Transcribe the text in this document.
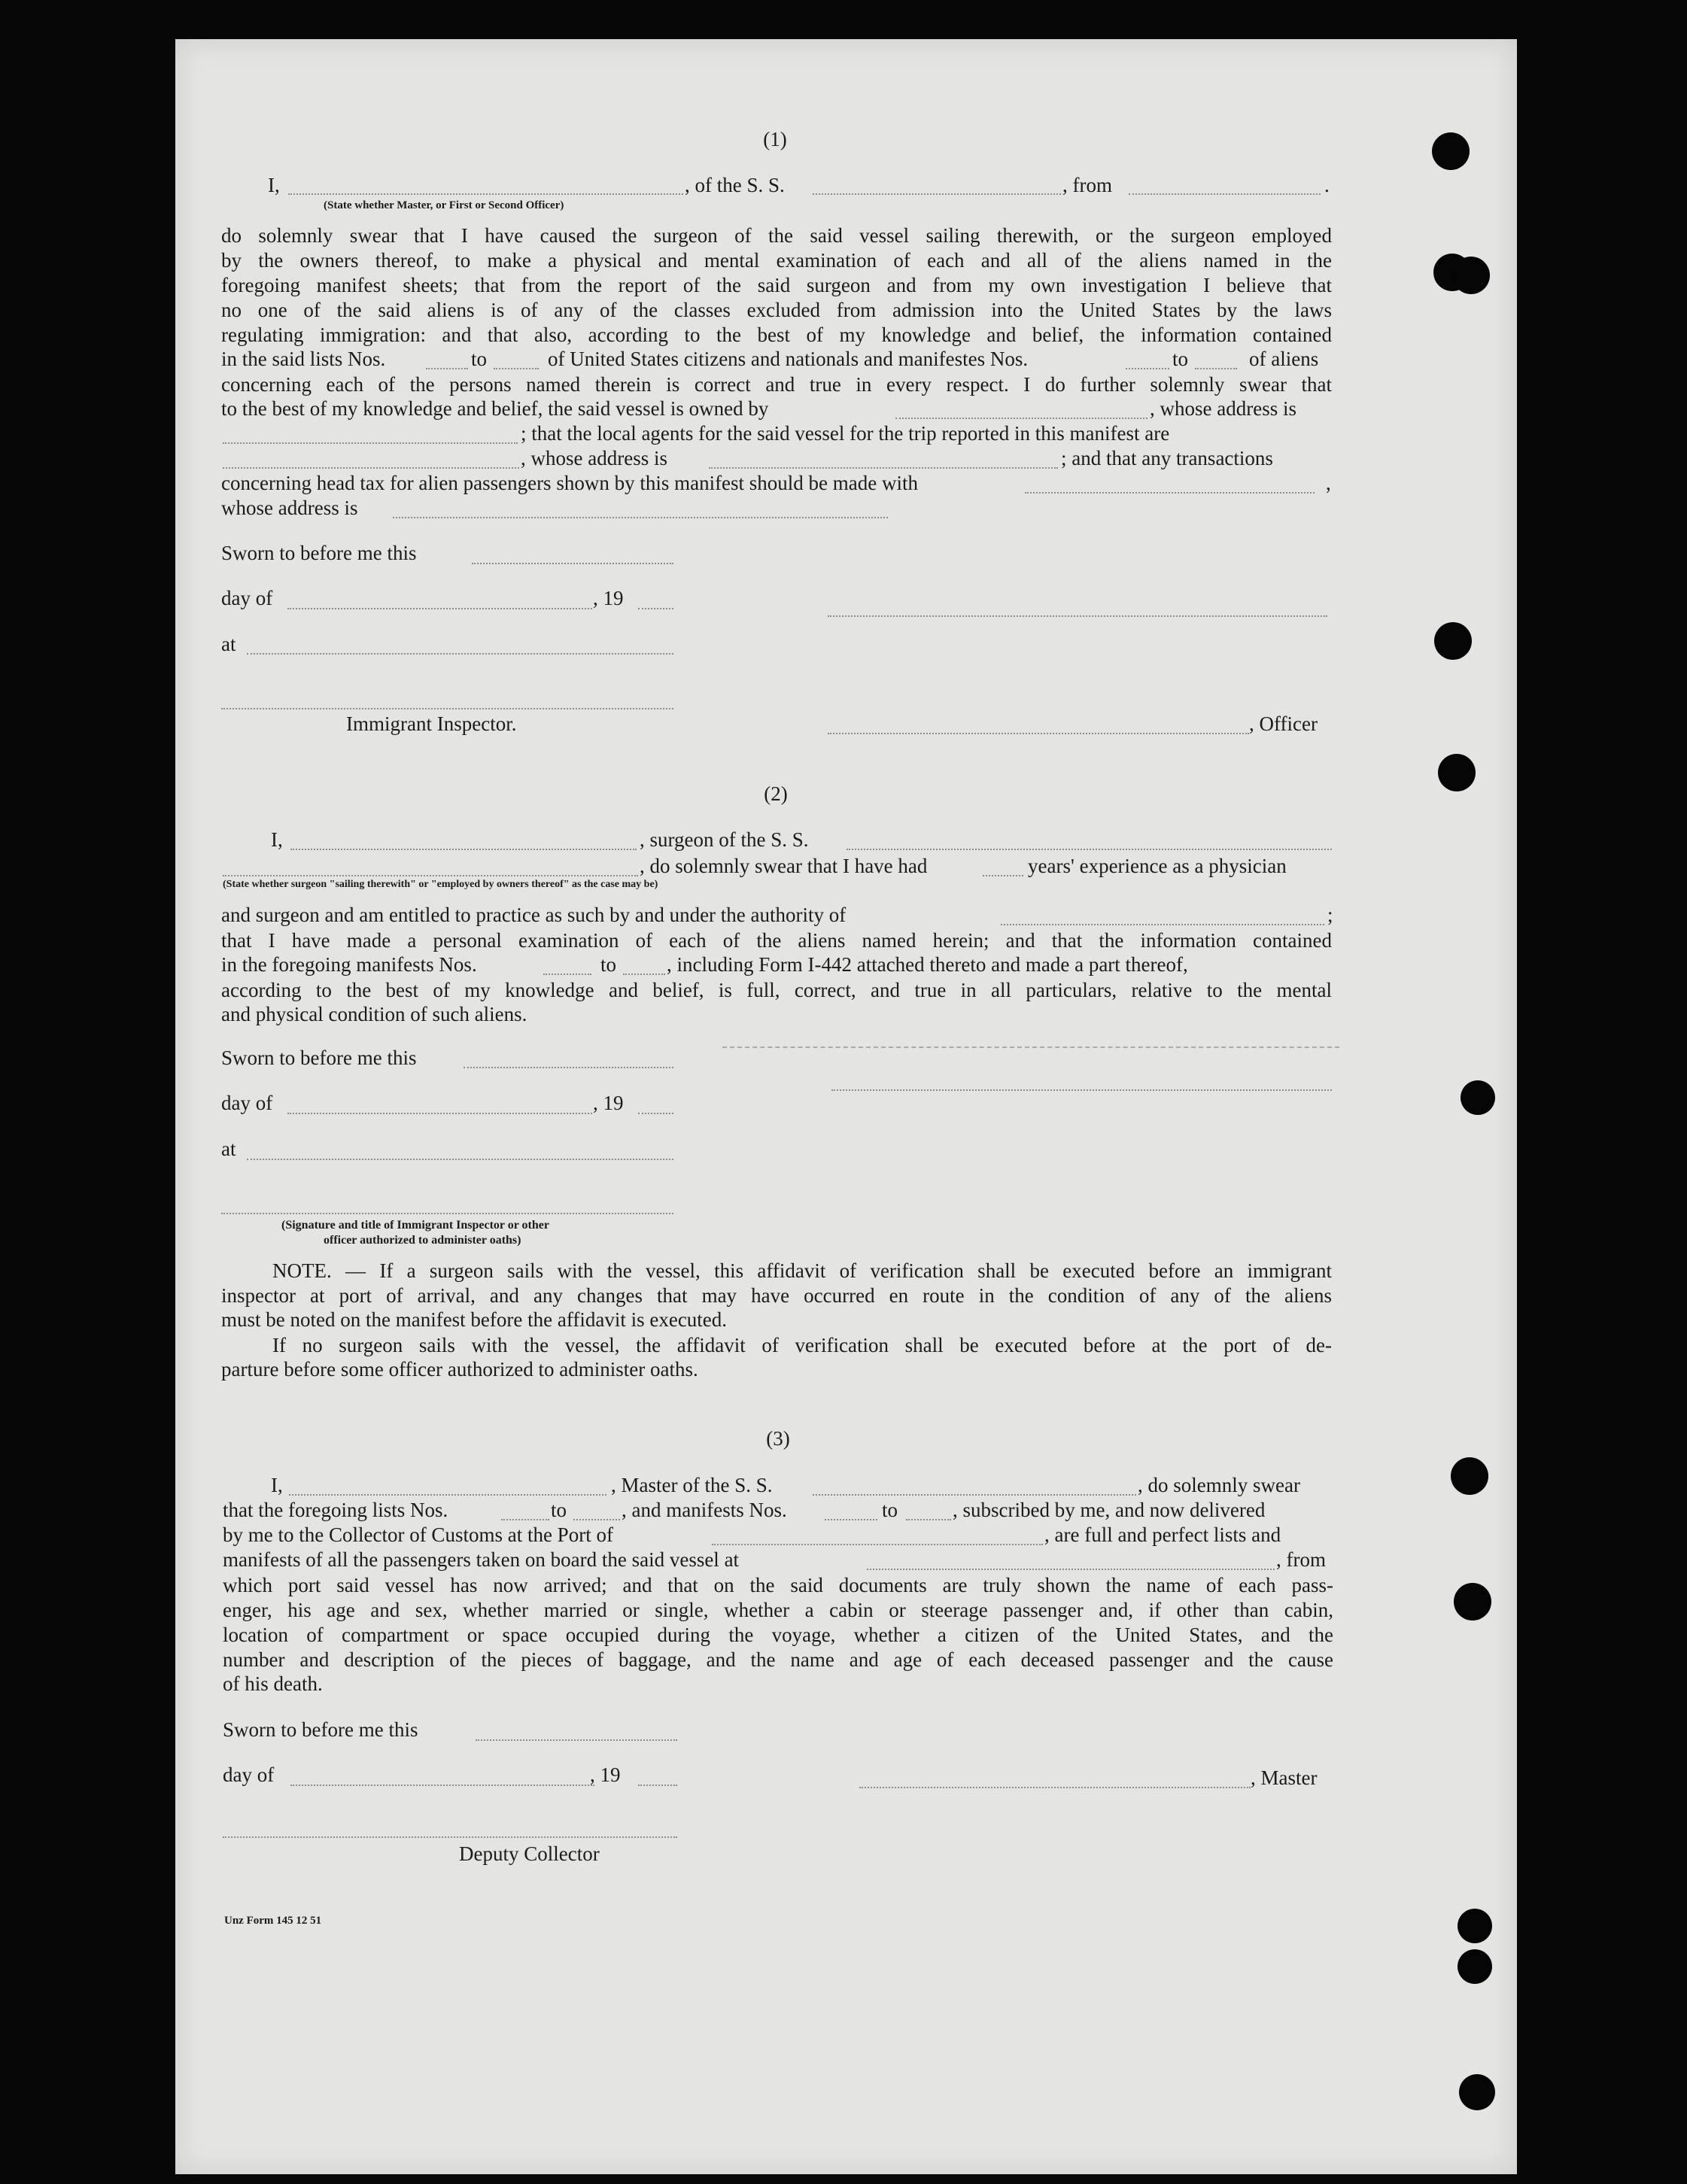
(1)
I,	, of the S. S.	, from	.
(State whether Master, or First or Second Officer)
do solemnly swear that I have caused the surgeon of the said vessel sailing therewith, or the surgeon employed
by the owners thereof, to make a physical and mental examination of each and all of the aliens named in the
foregoing manifest sheets; that from the report of the said surgeon and from my own investigation I believe that
no one of the said aliens is of any of the classes excluded from admission into the United States by the laws
regulating immigration: and that also, according to the best of my knowledge and belief, the information contained
in the said lists Nos.	to	of United States citizens and nationals and manifestes Nos.	to	of aliens
concerning each of the persons named therein is correct and true in every respect. I do further solemnly swear that
to the best of my knowledge and belief, the said vessel is owned by	, whose address is
; that the local agents for the said vessel for the trip reported in this manifest are
, whose address is	; and that any transactions
concerning head tax for alien passengers shown by this manifest should be made with	,
whose address is
Sworn to before me this
day of	, 19
at
Immigrant Inspector.	, Officer
(2)
I,	, surgeon of the S. S.
, do solemnly swear that I have had	years' experience as a physician
(State whether surgeon "sailing therewith" or "employed by owners thereof" as the case may be)
and surgeon and am entitled to practice as such by and under the authority of	;
that I have made a personal examination of each of the aliens named herein; and that the information contained
in the foregoing manifests Nos.	to , including Form I-442 attached thereto and made a part thereof,
according to the best of my knowledge and belief, is full, correct, and true in all particulars, relative to the mental
and physical condition of such aliens.
Sworn to before me this
day of	, 19
at
(Signature and title of Immigrant Inspector or other
officer authorized to administer oaths)
NOTE. — If a surgeon sails with the vessel, this affidavit of verification shall be executed before an immigrant
inspector at port of arrival, and any changes that may have occurred en route in the condition of any of the aliens
must be noted on the manifest before the affidavit is executed.
If no surgeon sails with the vessel, the affidavit of verification shall be executed before at the port of de-
parture before some officer authorized to administer oaths.
(3)
I,	, Master of the S. S.	, do solemnly swear
that the foregoing lists Nos.	to	, and manifests Nos.	to	, subscribed by me, and now delivered
by me to the Collector of Customs at the Port of	, are full and perfect lists and
manifests of all the passengers taken on board the said vessel at	, from
which port said vessel has now arrived; and that on the said documents are truly shown the name of each pass-
enger, his age and sex, whether married or single, whether a cabin or steerage passenger and, if other than cabin,
location of compartment or space occupied during the voyage, whether a citizen of the United States, and the
number and description of the pieces of baggage, and the name and age of each deceased passenger and the cause
of his death.
Sworn to before me this
day of	, 19	, Master
Deputy Collector
Unz Form 145 12 51
